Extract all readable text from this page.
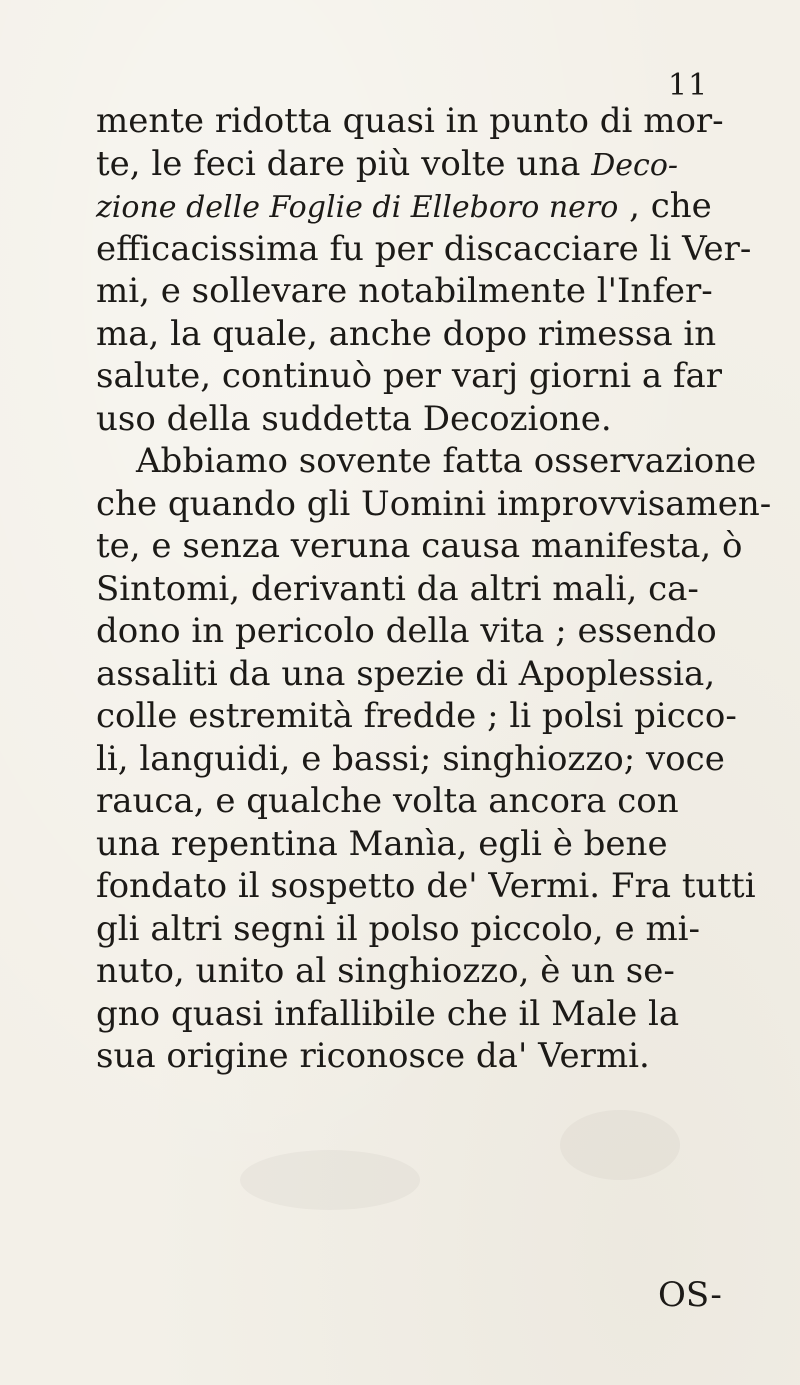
11
mente ridotta quasi in punto di mor-
te, le feci dare più volte una Deco-
zione delle Foglie di Elleboro nero , che
efficacissima fu per discacciare li Ver-
mi, e sollevare notabilmente l'Infer-
ma, la quale, anche dopo rimessa in
salute, continuò per varj giorni a far
uso della suddetta Decozione.
Abbiamo sovente fatta osservazione
che quando gli Uomini improvvisamen-
te, e senza veruna causa manifesta, ò
Sintomi, derivanti da altri mali, ca-
dono in pericolo della vita ; essendo
assaliti da una spezie di Apoplessia,
colle estremità fredde ; li polsi picco-
li, languidi, e bassi; singhiozzo; voce
rauca, e qualche volta ancora con
una repentina Manìa, egli è bene
fondato il sospetto de' Vermi. Fra tutti
gli altri segni il polso piccolo, e mi-
nuto, unito al singhiozzo, è un se-
gno quasi infallibile che il Male la
sua origine riconosce da' Vermi.
OS-
